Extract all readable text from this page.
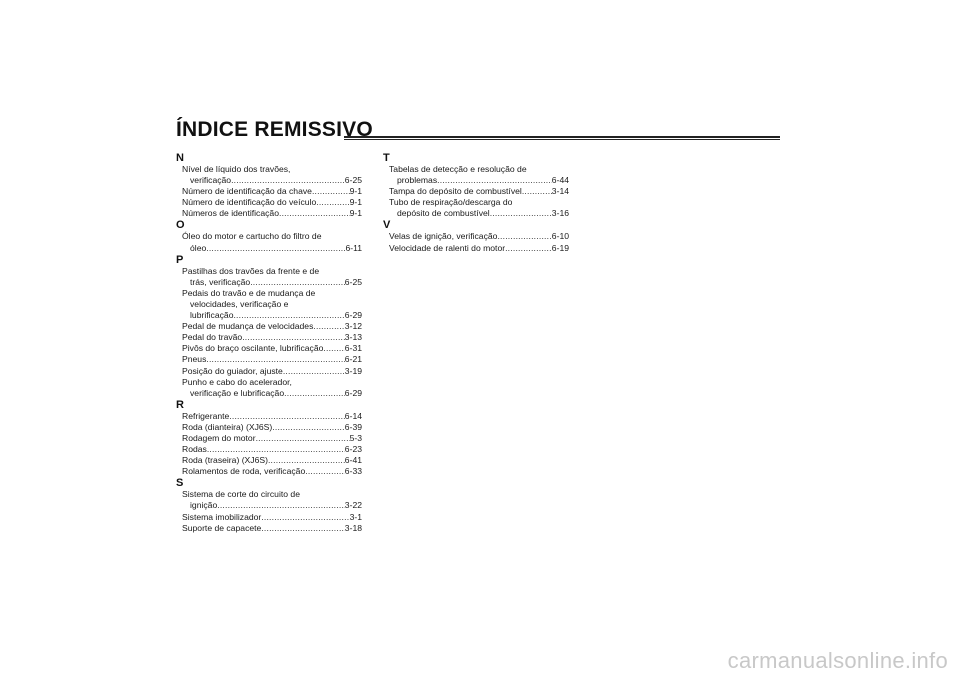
ÍNDICE REMISSIVO
N
Nível de líquido dos travões,
verificação .....	6-25
Número de identificação da chave .....	9-1
Número de identificação do veículo .....	9-1
Números de identificação .....	9-1
O
Óleo do motor e cartucho do filtro de
óleo .....	6-11
P
Pastilhas dos travões da frente e de
trás, verificação .....	6-25
Pedais do travão e de mudança de
velocidades, verificação e
lubrificação .....	6-29
Pedal de mudança de velocidades .....	3-12
Pedal do travão .....	3-13
Pivôs do braço oscilante, lubrificação ..... 6-31
Pneus .....	6-21
Posição do guiador, ajuste .....	3-19
Punho e cabo do acelerador,
verificação e lubrificação .....	6-29
R
Refrigerante .....	6-14
Roda (dianteira) (XJ6S) .....	6-39
Rodagem do motor .....	5-3
Rodas .....	6-23
Roda (traseira) (XJ6S) .....	6-41
Rolamentos de roda, verificação .....	6-33
S
Sistema de corte do circuito de
ignição .....	3-22
Sistema imobilizador .....	3-1
Suporte de capacete .....	3-18
T
Tabelas de detecção e resolução de
problemas .....	6-44
Tampa do depósito de combustível .....	3-14
Tubo de respiração/descarga do
depósito de combustível .....	3-16
V
Velas de ignição, verificação .....	6-10
Velocidade de ralenti do motor .....	6-19
carmanualsonline.info
